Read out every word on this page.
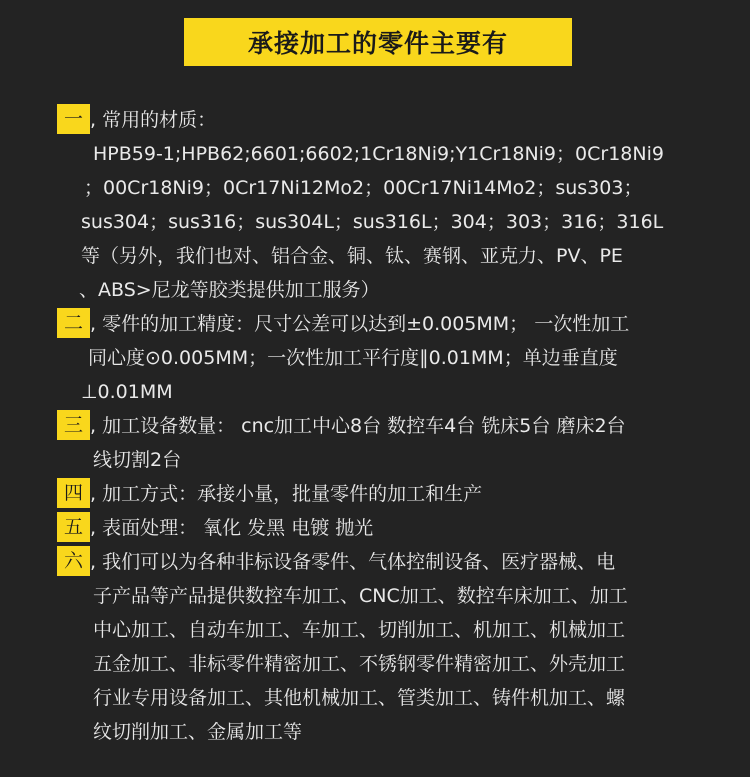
承接加工的零件主要有
一 , 常用的材质：
HPB59-1;HPB62;6601;6602;1Cr18Ni9;Y1Cr18Ni9；0Cr18Ni9
；00Cr18Ni9；0Cr17Ni12Mo2；00Cr17Ni14Mo2；sus303；
sus304；sus316；sus304L；sus316L；304；303；316；316L
等（另外，我们也对、铝合金、铜、钛、赛钢、亚克力、PV、PE
、ABS>尼龙等胶类提供加工服务）
二 , 零件的加工精度：尺寸公差可以达到±0.005MM； 一次性加工
同心度⊙0.005MM；一次性加工平行度∥0.01MM；单边垂直度
⊥0.01MM
三 , 加工设备数量： cnc加工中心8台 数控车4台 铣床5台 磨床2台
线切割2台
四 , 加工方式：承接小量，批量零件的加工和生产
五 , 表面处理： 氧化 发黑 电镀 抛光
六 , 我们可以为各种非标设备零件、气体控制设备、医疗器械、电
子产品等产品提供数控车加工、CNC加工、数控车床加工、加工
中心加工、自动车加工、车加工、切削加工、机加工、机械加工
五金加工、非标零件精密加工、不锈钢零件精密加工、外壳加工
行业专用设备加工、其他机械加工、管类加工、铸件机加工、螺
纹切削加工、金属加工等
